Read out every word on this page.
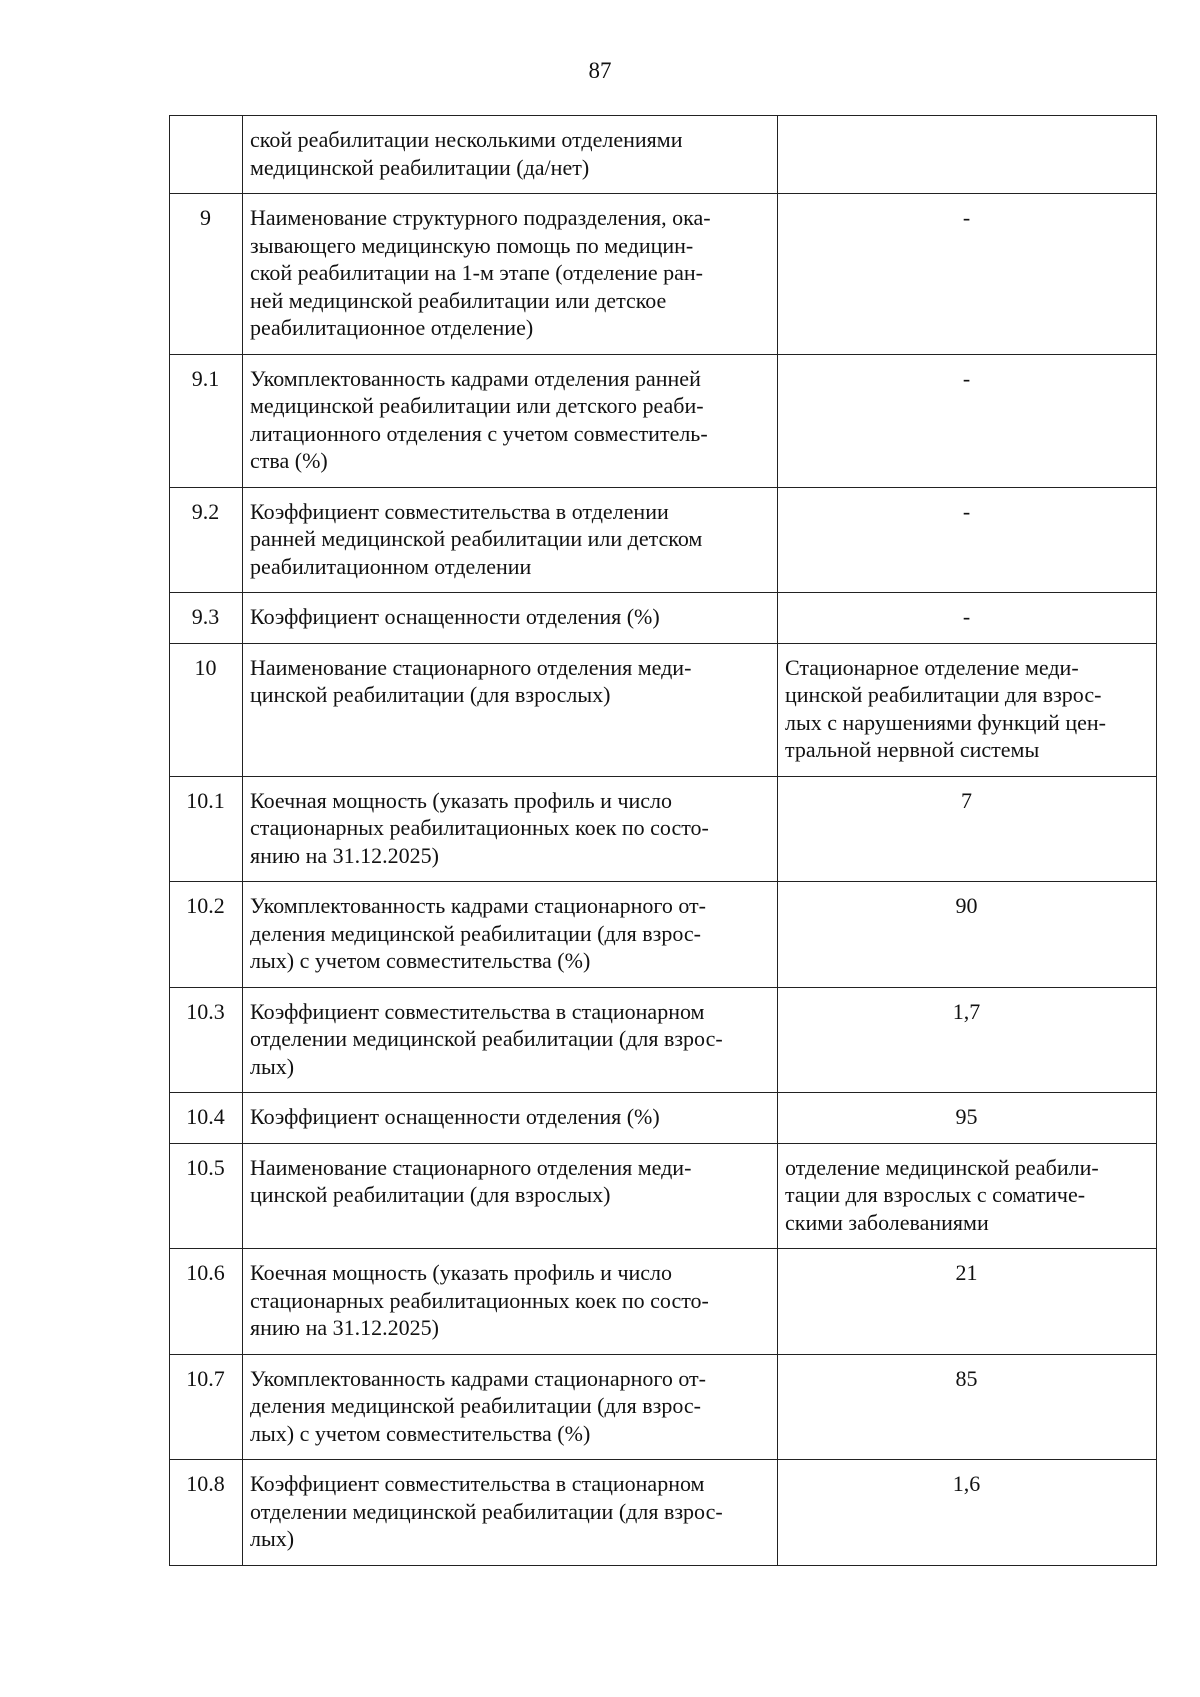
87

	ской реабилитации несколькими отделениями
медицинской реабилитации (да/нет)	

9	Наименование структурного подразделения, ока-
зывающего медицинскую помощь по медицин-
ской реабилитации на 1-м этапе (отделение ран-
ней медицинской реабилитации или детское
реабилитационное отделение)	-

9.1	Укомплектованность кадрами отделения ранней
медицинской реабилитации или детского реаби-
литационного отделения с учетом совместитель-
ства (%)	-

9.2	Коэффициент совместительства в отделении
ранней медицинской реабилитации или детском
реабилитационном отделении	-

9.3	Коэффициент оснащенности отделения (%)	-

10	Наименование стационарного отделения меди-
цинской реабилитации (для взрослых)	Стационарное отделение меди-
цинской реабилитации для взрос-
лых с нарушениями функций цен-
тральной нервной системы

10.1	Коечная мощность (указать профиль и число
стационарных реабилитационных коек по состо-
янию на 31.12.2025)	7

10.2	Укомплектованность кадрами стационарного от-
деления медицинской реабилитации (для взрос-
лых) с учетом совместительства (%)	90

10.3	Коэффициент совместительства в стационарном
отделении медицинской реабилитации (для взрос-
лых)	1,7

10.4	Коэффициент оснащенности отделения (%)	95

10.5	Наименование стационарного отделения меди-
цинской реабилитации (для взрослых)	отделение медицинской реабили-
тации для взрослых с соматиче-
скими заболеваниями

10.6	Коечная мощность (указать профиль и число
стационарных реабилитационных коек по состо-
янию на 31.12.2025)	21

10.7	Укомплектованность кадрами стационарного от-
деления медицинской реабилитации (для взрос-
лых) с учетом совместительства (%)	85

10.8	Коэффициент совместительства в стационарном
отделении медицинской реабилитации (для взрос-
лых)	1,6
